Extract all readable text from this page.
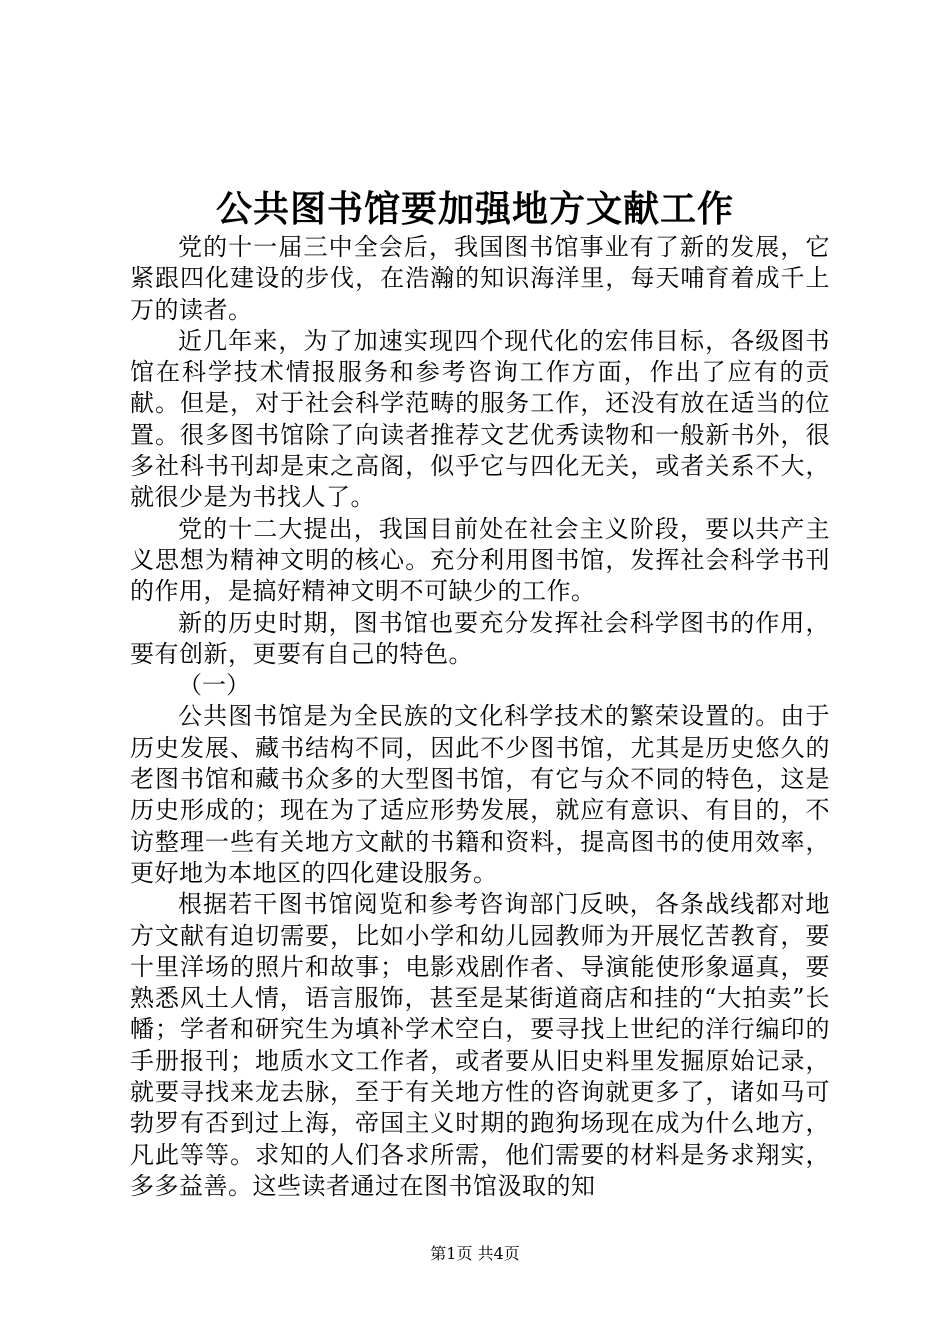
公共图书馆要加强地方文献工作

党的十一届三中全会后，我国图书馆事业有了新的发展，它紧跟四化建设的步伐，在浩瀚的知识海洋里，每天哺育着成千上万的读者。

近几年来，为了加速实现四个现代化的宏伟目标，各级图书馆在科学技术情报服务和参考咨询工作方面，作出了应有的贡献。但是，对于社会科学范畴的服务工作，还没有放在适当的位置。很多图书馆除了向读者推荐文艺优秀读物和一般新书外，很多社科书刊却是束之高阁，似乎它与四化无关，或者关系不大，就很少是为书找人了。

党的十二大提出，我国目前处在社会主义阶段，要以共产主义思想为精神文明的核心。充分利用图书馆，发挥社会科学书刊的作用，是搞好精神文明不可缺少的工作。

新的历史时期，图书馆也要充分发挥社会科学图书的作用，要有创新，更要有自己的特色。

（一）

公共图书馆是为全民族的文化科学技术的繁荣设置的。由于历史发展、藏书结构不同，因此不少图书馆，尤其是历史悠久的老图书馆和藏书众多的大型图书馆，有它与众不同的特色，这是历史形成的；现在为了适应形势发展，就应有意识、有目的，不访整理一些有关地方文献的书籍和资料，提高图书的使用效率，更好地为本地区的四化建设服务。

根据若干图书馆阅览和参考咨询部门反映，各条战线都对地方文献有迫切需要，比如小学和幼儿园教师为开展忆苦教育，要十里洋场的照片和故事；电影戏剧作者、导演能使形象逼真，要熟悉风土人情，语言服饰，甚至是某街道商店和挂的“大拍卖”长幡；学者和研究生为填补学术空白，要寻找上世纪的洋行编印的手册报刊；地质水文工作者，或者要从旧史料里发掘原始记录，就要寻找来龙去脉，至于有关地方性的咨询就更多了，诸如马可勃罗有否到过上海，帝国主义时期的跑狗场现在成为什么地方，凡此等等。求知的人们各求所需，他们需要的材料是务求翔实，多多益善。这些读者通过在图书馆汲取的知

第1页 共4页
